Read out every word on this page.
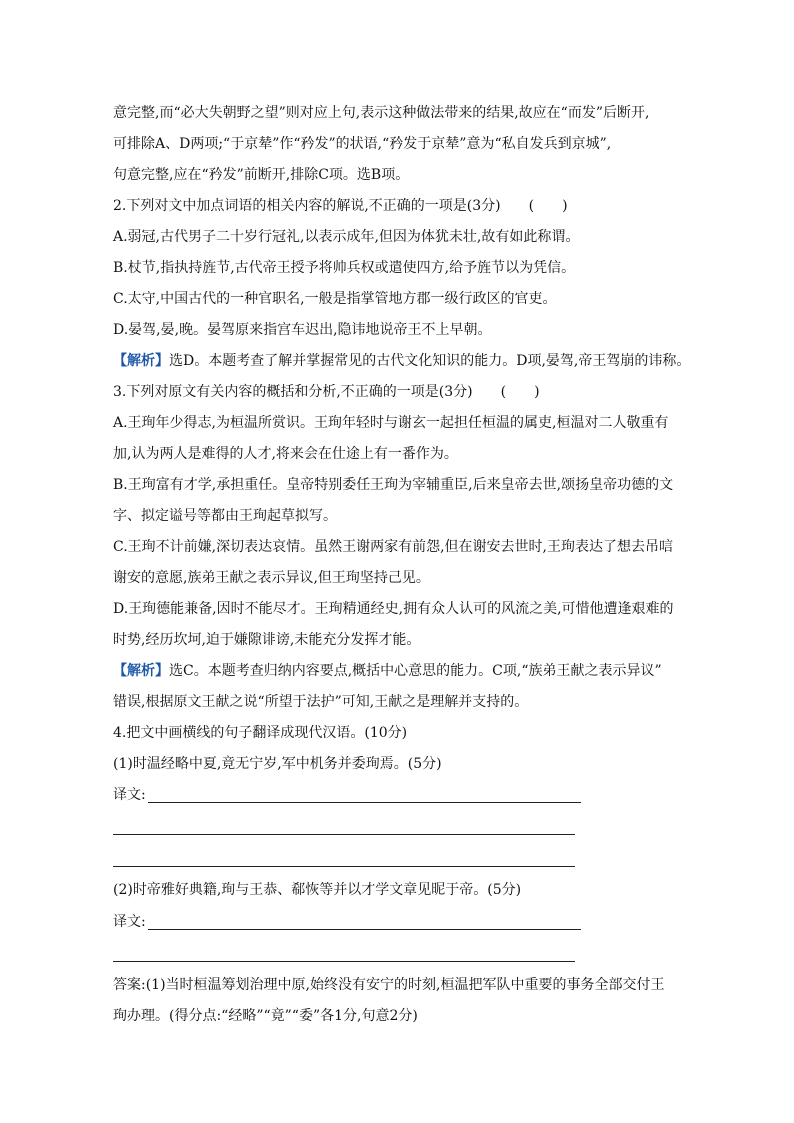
意完整,而“必大失朝野之望”则对应上句,表示这种做法带来的结果,故应在“而发”后断开,
可排除A、D两项;“于京辇”作“矜发”的状语,“矜发于京辇”意为“私自发兵到京城”,
句意完整,应在“矜发”前断开,排除C项。选B项。
2.下列对文中加点词语的相关内容的解说,不正确的一项是(3分)　　(　　)
A.弱冠,古代男子二十岁行冠礼,以表示成年,但因为体犹未壮,故有如此称谓。
B.杖节,指执持旌节,古代帝王授予将帅兵权或遣使四方,给予旌节以为凭信。
C.太守,中国古代的一种官职名,一般是指掌管地方郡一级行政区的官吏。
D.晏驾,晏,晚。晏驾原来指宫车迟出,隐讳地说帝王不上早朝。
【解析】选D。本题考查了解并掌握常见的古代文化知识的能力。D项,晏驾,帝王驾崩的讳称。
3.下列对原文有关内容的概括和分析,不正确的一项是(3分)　　(　　)
A.王珣年少得志,为桓温所赏识。王珣年轻时与谢玄一起担任桓温的属吏,桓温对二人敬重有
加,认为两人是难得的人才,将来会在仕途上有一番作为。
B.王珣富有才学,承担重任。皇帝特别委任王珣为宰辅重臣,后来皇帝去世,颂扬皇帝功德的文
字、拟定谥号等都由王珣起草拟写。
C.王珣不计前嫌,深切表达哀情。虽然王谢两家有前怨,但在谢安去世时,王珣表达了想去吊唁
谢安的意愿,族弟王献之表示异议,但王珣坚持己见。
D.王珣德能兼备,因时不能尽才。王珣精通经史,拥有众人认可的风流之美,可惜他遭逢艰难的
时势,经历坎坷,迫于嫌隙诽谤,未能充分发挥才能。
【解析】选C。本题考查归纳内容要点,概括中心意思的能力。C项,“族弟王献之表示异议”
错误,根据原文王献之说“所望于法护”可知,王献之是理解并支持的。
4.把文中画横线的句子翻译成现代汉语。(10分)
(1)时温经略中夏,竟无宁岁,军中机务并委珣焉。(5分)
译文:
(2)时帝雅好典籍,珣与王恭、郗恢等并以才学文章见昵于帝。(5分)
译文:
答案:(1)当时桓温筹划治理中原,始终没有安宁的时刻,桓温把军队中重要的事务全部交付王
珣办理。(得分点:“经略”“竟”“委”各1分,句意2分)
